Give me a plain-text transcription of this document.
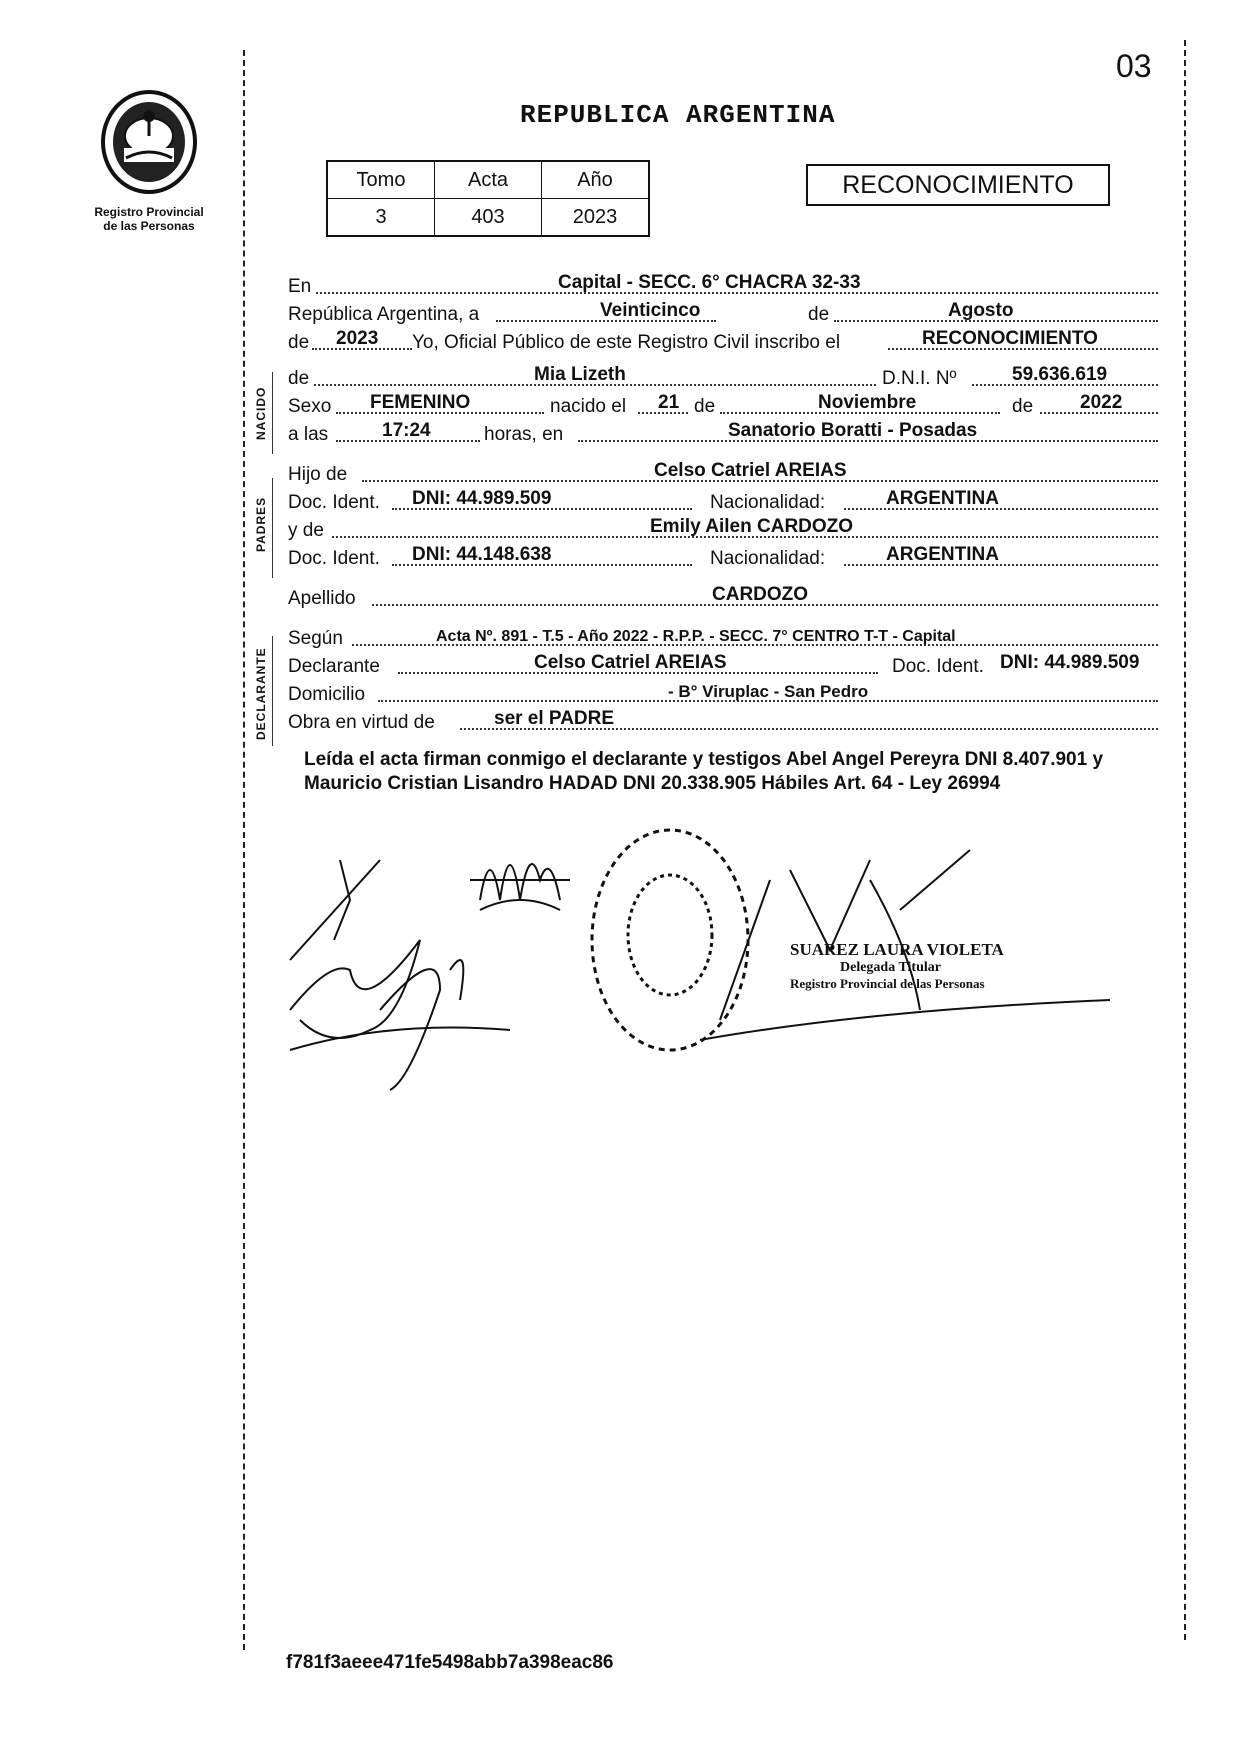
03
Registro Provincial
de las Personas
REPUBLICA ARGENTINA
Tomo	Acta	Año
3	403	2023
RECONOCIMIENTO
NACIDO
PADRES
DECLARANTE
En	Capital - SECC. 6° CHACRA 32-33
República Argentina, a	Veinticinco	de	Agosto
de 2023 Yo, Oficial Público de este Registro Civil inscribo el	RECONOCIMIENTO
de	Mia Lizeth	D.N.I. Nº	59.636.619
Sexo FEMENINO	nacido el 21 de	Noviembre	de 2022
a las	17:24	horas, en	Sanatorio Boratti - Posadas
Hijo de	Celso Catriel AREIAS
Doc. Ident. DNI: 44.989.509	Nacionalidad:	ARGENTINA
y de	Emily Ailen CARDOZO
Doc. Ident. DNI: 44.148.638	Nacionalidad:	ARGENTINA
Apellido	CARDOZO
Según	Acta Nº. 891 - T.5 - Año 2022 - R.P.P. - SECC. 7° CENTRO T-T - Capital
Declarante	Celso Catriel AREIAS	Doc. Ident. DNI: 44.989.509
Domicilio	- B° Viruplac - San Pedro
Obra en virtud de	ser el PADRE
Leída el acta firman conmigo el declarante y testigos Abel Angel Pereyra DNI 8.407.901 y Mauricio Cristian Lisandro HADAD DNI 20.338.905 Hábiles Art. 64 - Ley 26994
SUAREZ LAURA VIOLETA
Delegada Titular
Registro Provincial de las Personas
f781f3aeee471fe5498abb7a398eac86
